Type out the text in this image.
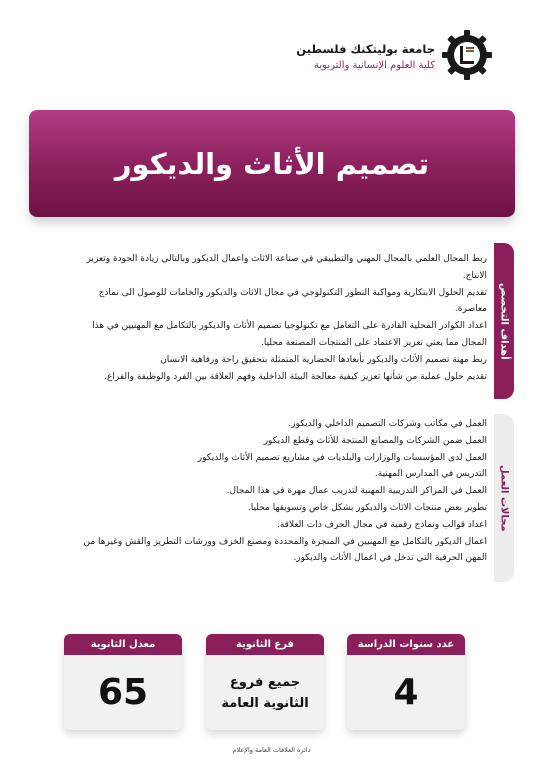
جامعة بوليتكنك فلسطين
كلية العلوم الإنسانية والتربوية
تصميم الأثاث والديكور
أهداف التخصص
مجالات العمل

ربط المجال العلمي بالمجال المهني والتطبيقي في صناعة الاثاث واعمال الديكور وبالتالي زيادة الجودة وتعزيز الانتاج.

تقديم الحلول الابتكارية ومواكبة التطور التكنولوجي في مجال الاثاث والديكور والخامات للوصول الى نماذج معاصرة.

اعداد الكوادر المحلية القادرة على التعامل مع تكنولوجيا تصميم الأثاث والديكور بالتكامل مع المهنيين في هذا المجال مما يعني تعزيز الاعتماد على المنتجات المصنعة محليا.

ربط مهنة تصميم الأثاث والديكور بأبعادها الحضارية المتمثلة بتحقيق راحة ورفاهية الانسان

تقديم حلول عملية من شأنها تعزيز كيفية معالجة البيئة الداخلية وفهم العلاقة بين الفرد والوظيفة والفراغ.

العمل في مكاتب وشركات التصميم الداخلي والديكور.

العمل ضمن الشركات والمصانع المنتجة للأثاث وقطع الديكور

العمل لدى المؤسسات والوزارات والبلديات في مشاريع تصميم الأثاث والديكور

التدريس في المدارس المهنية.

العمل في المراكز التدريبية المهنية لتدريب عمال مهرة في هذا المجال.

تطوير بعض منتجات الاثاث والديكور بشكل خاص وتسويقها محليا.

اعداد قوالب ونماذج رقمية في مجال الحرف ذات العلاقة.

اعمال الديكور بالتكامل مع المهنيين في المنجرة والمحددة ومصنع الخزف وورشات التطريز والقش وغيرها من المهن الحرفية التي تدخل في اعمال الأثاث والديكور.

عدد سنوات الدراسة
4
فرع الثانوية
جميع فروع
الثانوية العامة
معدل الثانوية
65
دائرة العلاقات العامة والإعلام
